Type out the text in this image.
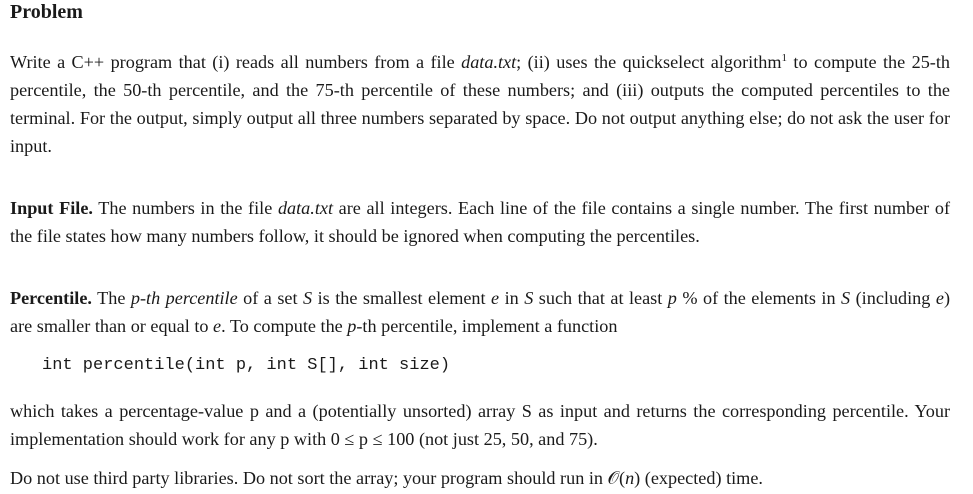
Problem

Write a C++ program that (i) reads all numbers from a file data.txt; (ii) uses the quickselect algorithm$^1$ to compute the 25-th percentile, the 50-th percentile, and the 75-th percentile of these numbers; and (iii) outputs the computed percentiles to the terminal. For the output, simply output all three numbers separated by space. Do not output anything else; do not ask the user for input.

Input File. The numbers in the file data.txt are all integers. Each line of the file contains a single number. The first number of the file states how many numbers follow, it should be ignored when computing the percentiles.

Percentile. The p-th percentile of a set S is the smallest element e in S such that at least p % of the elements in S (including e) are smaller than or equal to e. To compute the p-th percentile, implement a function

int percentile(int p, int S[], int size)

which takes a percentage-value p and a (potentially unsorted) array S as input and returns the corresponding percentile. Your implementation should work for any p with 0 ≤ p ≤ 100 (not just 25, 50, and 75).

Do not use third party libraries. Do not sort the array; your program should run in 𝒪(n) (expected) time.
